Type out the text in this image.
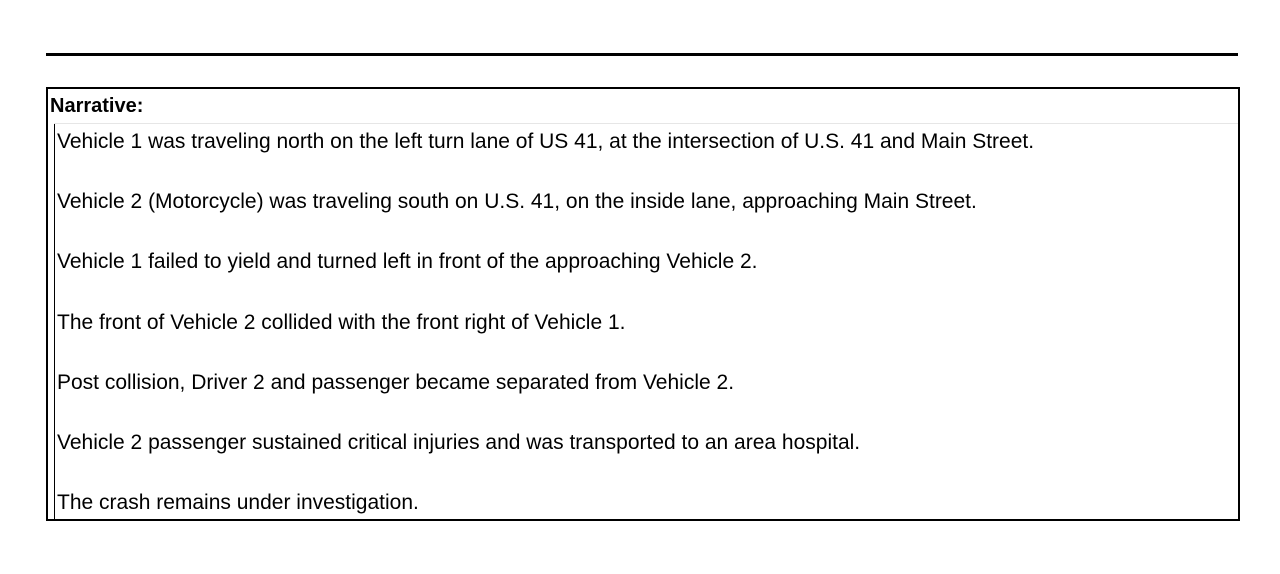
Narrative:
Vehicle 1 was traveling north on the left turn lane of US 41, at the intersection of U.S. 41 and Main Street.
Vehicle 2 (Motorcycle) was traveling south on U.S. 41, on the inside lane, approaching Main Street.
Vehicle 1 failed to yield and turned left in front of the approaching Vehicle 2.
The front of Vehicle 2 collided with the front right of Vehicle 1.
Post collision, Driver 2 and passenger became separated from Vehicle 2.
Vehicle 2 passenger sustained critical injuries and was transported to an area hospital.
The crash remains under investigation.
